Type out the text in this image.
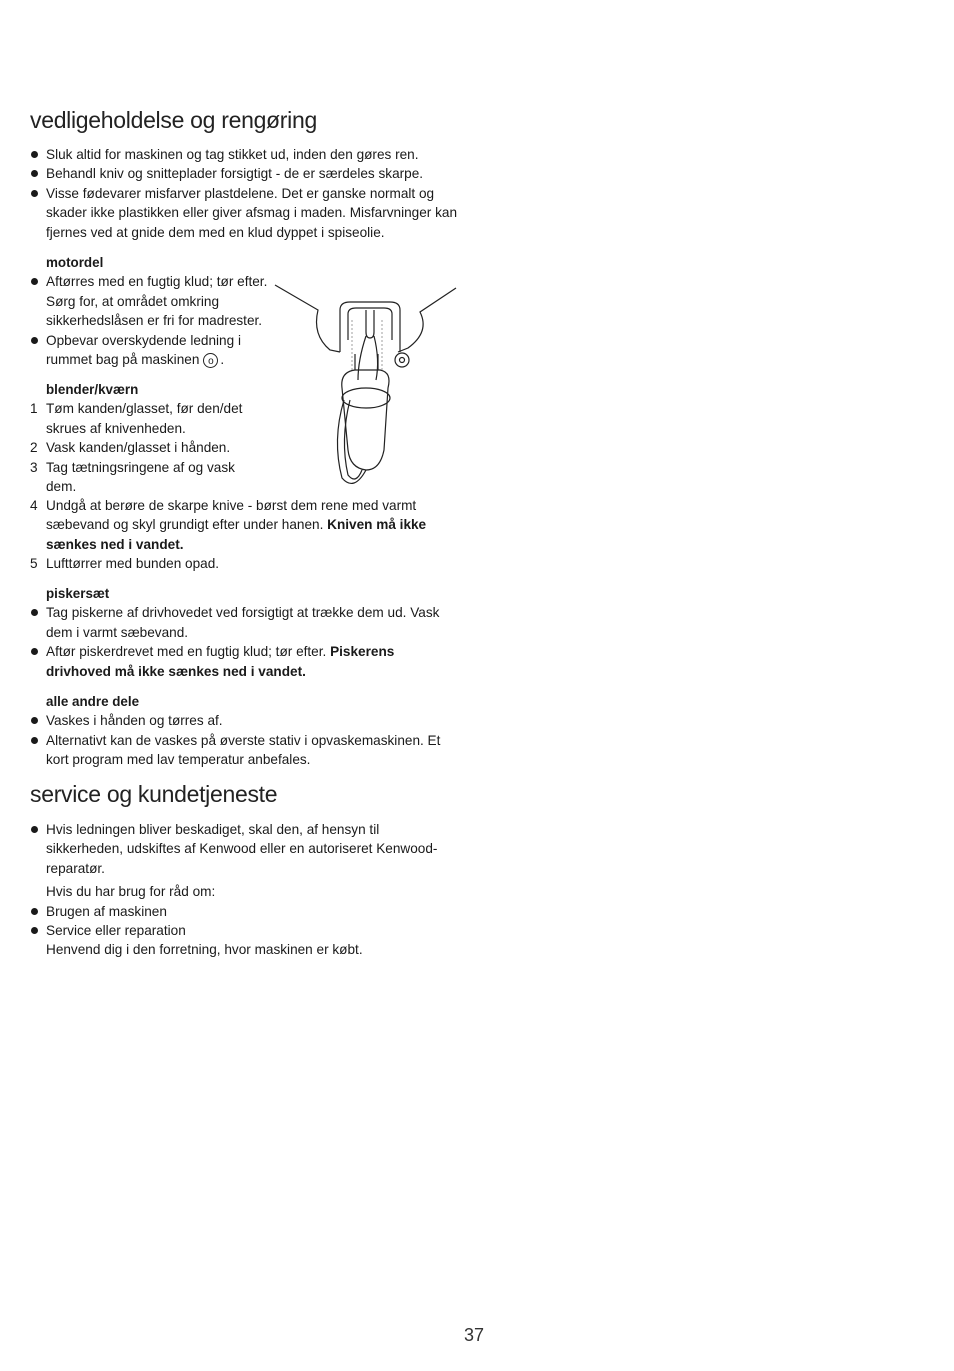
vedligeholdelse og rengøring
Sluk altid for maskinen og tag stikket ud, inden den gøres ren.
Behandl kniv og snitteplader forsigtigt - de er særdeles skarpe.
Visse fødevarer misfarver plastdelene. Det er ganske normalt og skader ikke plastikken eller giver afsmag i maden. Misfarvninger kan fjernes ved at gnide dem med en klud dyppet i spiseolie.
motordel
Aftørres med en fugtig klud; tør efter. Sørg for, at området omkring sikkerhedslåsen er fri for madrester.
Opbevar overskydende ledning i rummet bag på maskinen o .
blender/kværn
1 Tøm kanden/glasset, før den/det skrues af knivenheden.
2 Vask kanden/glasset i hånden.
3 Tag tætningsringene af og vask dem.
4 Undgå at berøre de skarpe knive - børst dem rene med varmt sæbevand og skyl grundigt efter under hanen. Kniven må ikke sænkes ned i vandet.
5 Lufttørrer med bunden opad.
piskersæt
Tag piskerne af drivhovedet ved forsigtigt at trække dem ud. Vask dem i varmt sæbevand.
Aftør piskerdrevet med en fugtig klud; tør efter. Piskerens drivhoved må ikke sænkes ned i vandet.
alle andre dele
Vaskes i hånden og tørres af.
Alternativt kan de vaskes på øverste stativ i opvaskemaskinen. Et kort program med lav temperatur anbefales.
service og kundetjeneste
Hvis ledningen bliver beskadiget, skal den, af hensyn til sikkerheden, udskiftes af Kenwood eller en autoriseret Kenwood-reparatør.
Hvis du har brug for råd om:
Brugen af maskinen
Service eller reparation
Henvend dig i den forretning, hvor maskinen er købt.
37
